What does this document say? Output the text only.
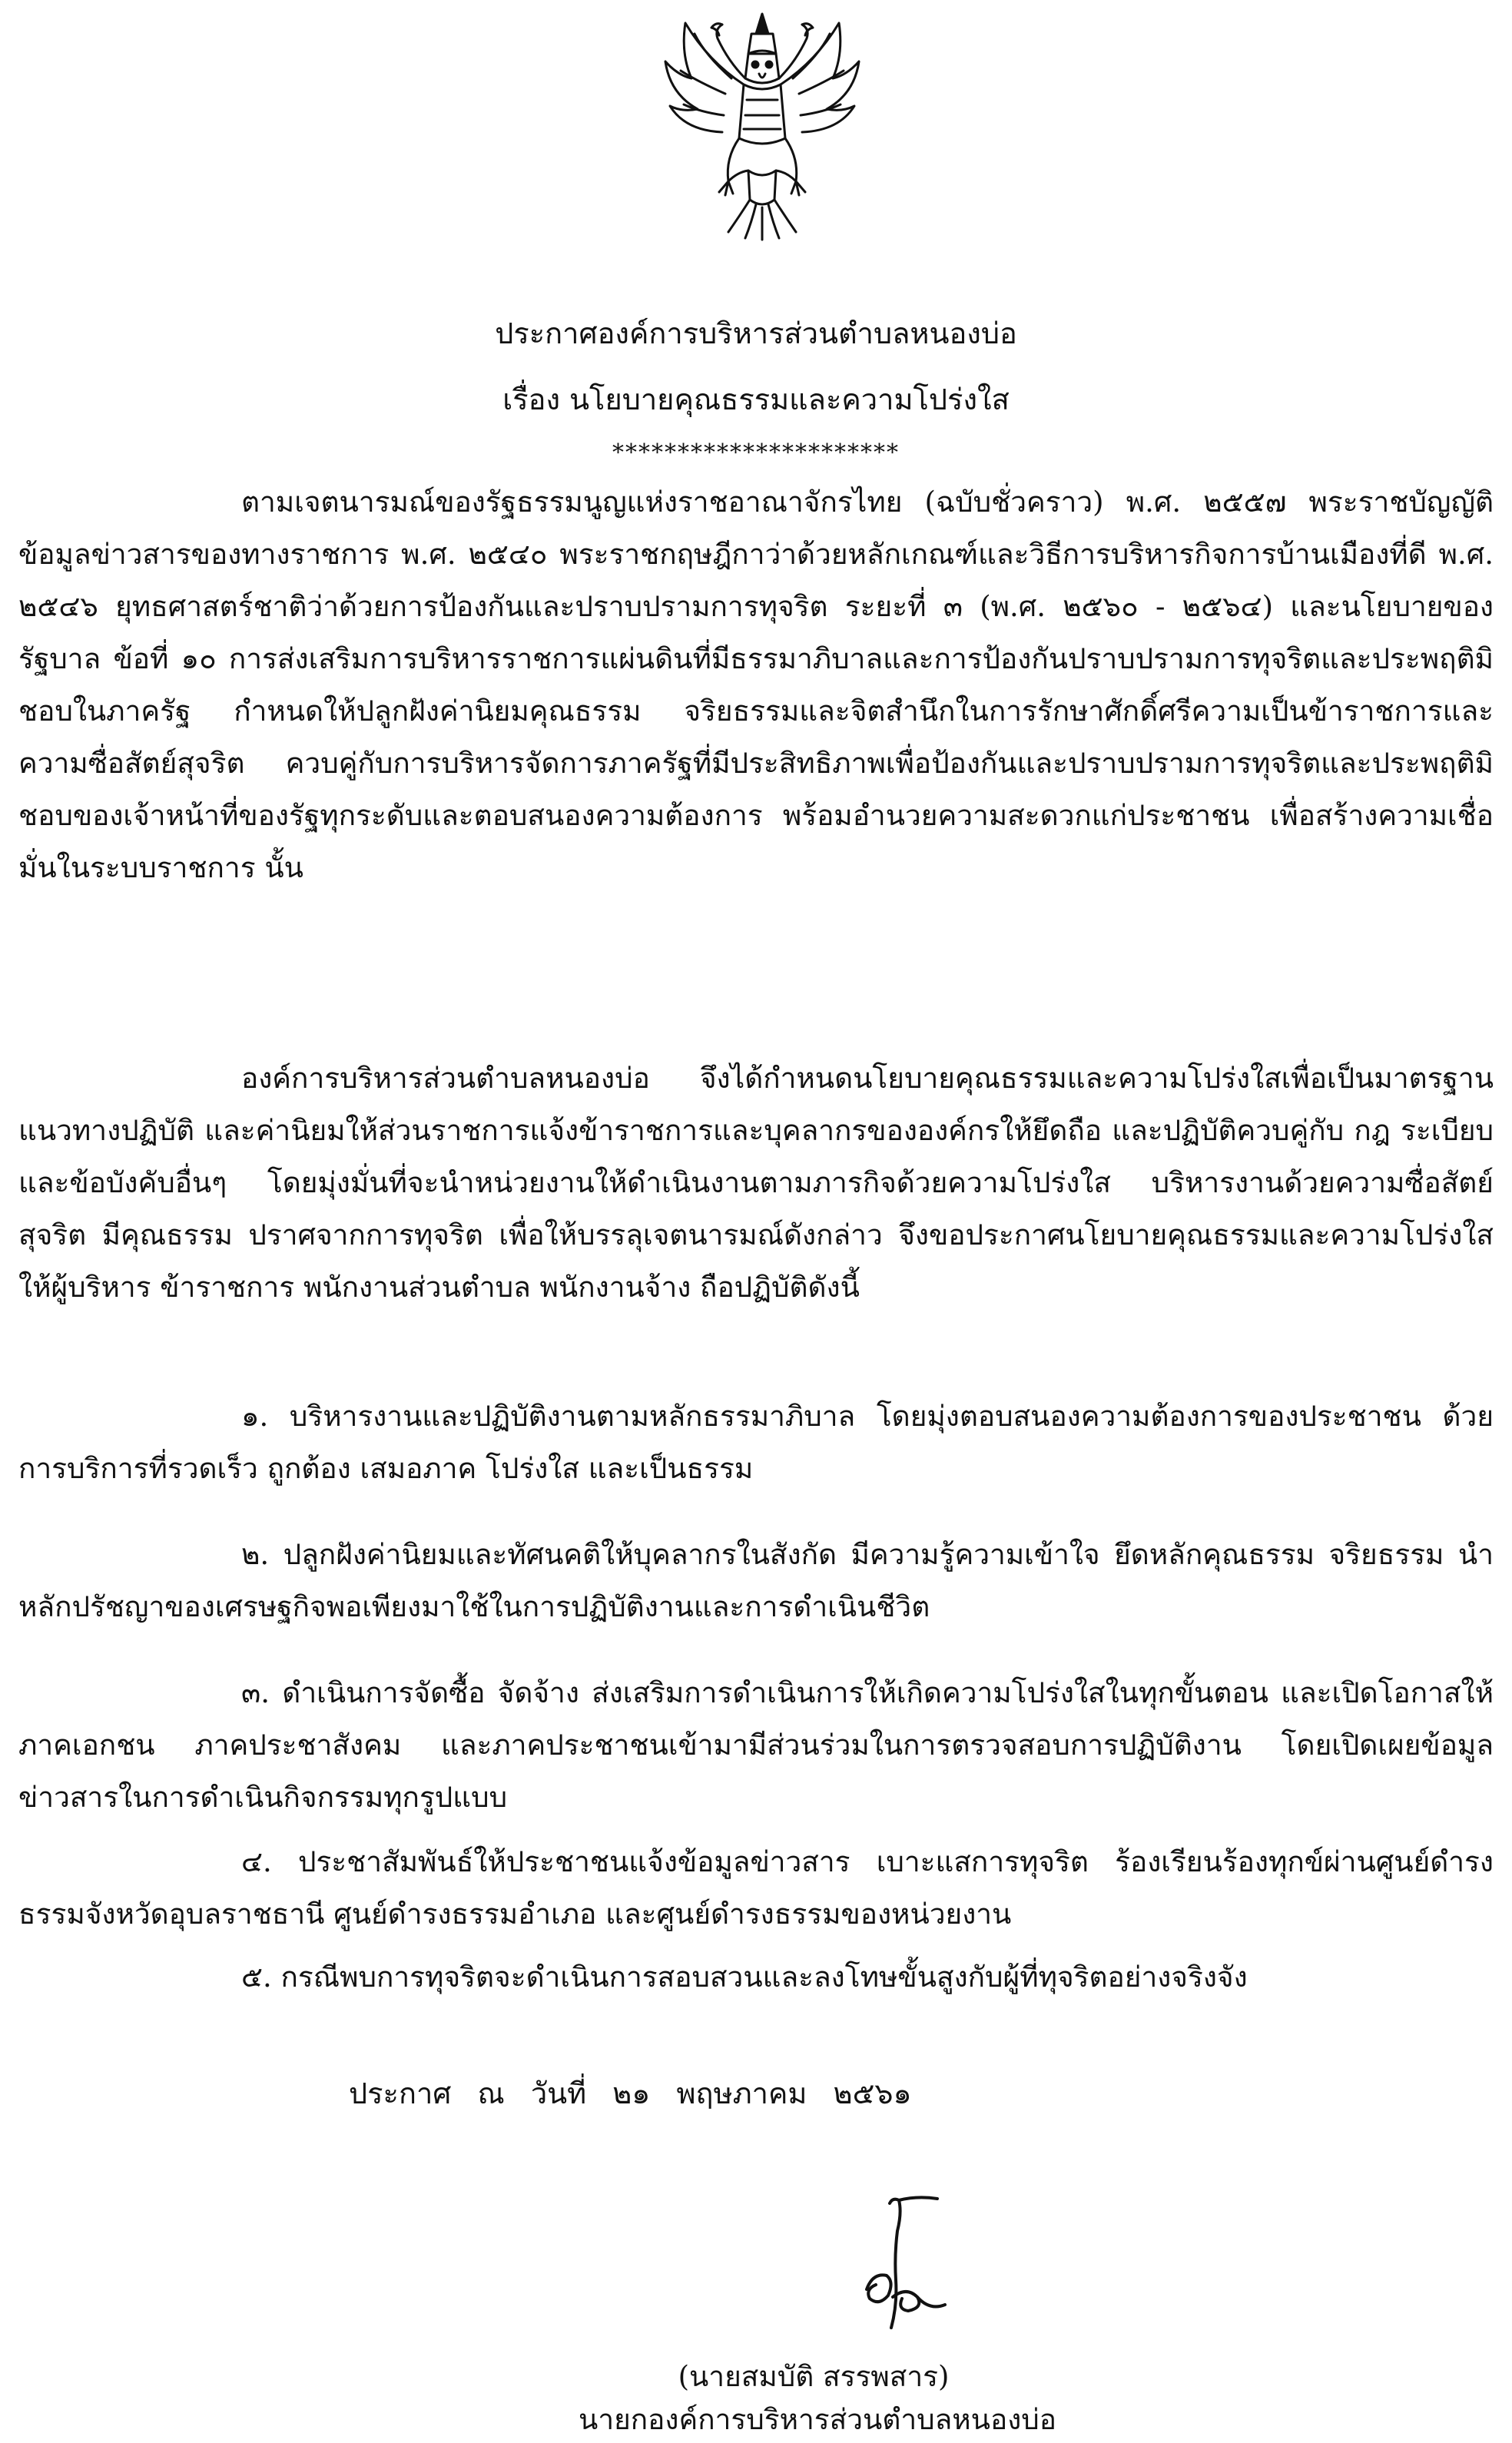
ประกาศองค์การบริหารส่วนตำบลหนองบ่อ
เรื่อง นโยบายคุณธรรมและความโปร่งใส
**********************

ตามเจตนารมณ์ของรัฐธรรมนูญแห่งราชอาณาจักรไทย (ฉบับชั่วคราว) พ.ศ. ๒๕๕๗ พระราชบัญญัติข้อมูลข่าวสารของทางราชการ พ.ศ. ๒๕๔๐ พระราชกฤษฎีกาว่าด้วยหลักเกณฑ์และวิธีการบริหารกิจการบ้านเมืองที่ดี พ.ศ. ๒๕๔๖ ยุทธศาสตร์ชาติว่าด้วยการป้องกันและปราบปรามการทุจริต ระยะที่ ๓ (พ.ศ. ๒๕๖๐ - ๒๕๖๔) และนโยบายของรัฐบาล ข้อที่ ๑๐ การส่งเสริมการบริหารราชการแผ่นดินที่มีธรรมาภิบาลและการป้องกันปราบปรามการทุจริตและประพฤติมิชอบในภาครัฐ กำหนดให้ปลูกฝังค่านิยมคุณธรรม จริยธรรมและจิตสำนึกในการรักษาศักดิ์ศรีความเป็นข้าราชการและความซื่อสัตย์สุจริต ควบคู่กับการบริหารจัดการภาครัฐที่มีประสิทธิภาพเพื่อป้องกันและปราบปรามการทุจริตและประพฤติมิชอบของเจ้าหน้าที่ของรัฐทุกระดับและตอบสนองความต้องการ พร้อมอำนวยความสะดวกแก่ประชาชน เพื่อสร้างความเชื่อมั่นในระบบราชการ นั้น

องค์การบริหารส่วนตำบลหนองบ่อ จึงได้กำหนดนโยบายคุณธรรมและความโปร่งใสเพื่อเป็นมาตรฐาน แนวทางปฏิบัติ และค่านิยมให้ส่วนราชการแจ้งข้าราชการและบุคลากรขององค์กรให้ยึดถือ และปฏิบัติควบคู่กับ กฎ ระเบียบ และข้อบังคับอื่นๆ โดยมุ่งมั่นที่จะนำหน่วยงานให้ดำเนินงานตามภารกิจด้วยความโปร่งใส บริหารงานด้วยความซื่อสัตย์สุจริต มีคุณธรรม ปราศจากการทุจริต เพื่อให้บรรลุเจตนารมณ์ดังกล่าว จึงขอประกาศนโยบายคุณธรรมและความโปร่งใส ให้ผู้บริหาร ข้าราชการ พนักงานส่วนตำบล พนักงานจ้าง ถือปฏิบัติดังนี้

๑. บริหารงานและปฏิบัติงานตามหลักธรรมาภิบาล โดยมุ่งตอบสนองความต้องการของประชาชน ด้วยการบริการที่รวดเร็ว ถูกต้อง เสมอภาค โปร่งใส และเป็นธรรม

๒. ปลูกฝังค่านิยมและทัศนคติให้บุคลากรในสังกัด มีความรู้ความเข้าใจ ยึดหลักคุณธรรม จริยธรรม นำหลักปรัชญาของเศรษฐกิจพอเพียงมาใช้ในการปฏิบัติงานและการดำเนินชีวิต

๓. ดำเนินการจัดซื้อ จัดจ้าง ส่งเสริมการดำเนินการให้เกิดความโปร่งใสในทุกขั้นตอน และเปิดโอกาสให้ภาคเอกชน ภาคประชาสังคม และภาคประชาชนเข้ามามีส่วนร่วมในการตรวจสอบการปฏิบัติงาน โดยเปิดเผยข้อมูลข่าวสารในการดำเนินกิจกรรมทุกรูปแบบ

๔. ประชาสัมพันธ์ให้ประชาชนแจ้งข้อมูลข่าวสาร เบาะแสการทุจริต ร้องเรียนร้องทุกข์ผ่านศูนย์ดำรงธรรมจังหวัดอุบลราชธานี ศูนย์ดำรงธรรมอำเภอ และศูนย์ดำรงธรรมของหน่วยงาน

๕. กรณีพบการทุจริตจะดำเนินการสอบสวนและลงโทษขั้นสูงกับผู้ที่ทุจริตอย่างจริงจัง

ประกาศ ณ วันที่ ๒๑ พฤษภาคม ๒๕๖๑
(นายสมบัติ สรรพสาร)
นายกองค์การบริหารส่วนตำบลหนองบ่อ
